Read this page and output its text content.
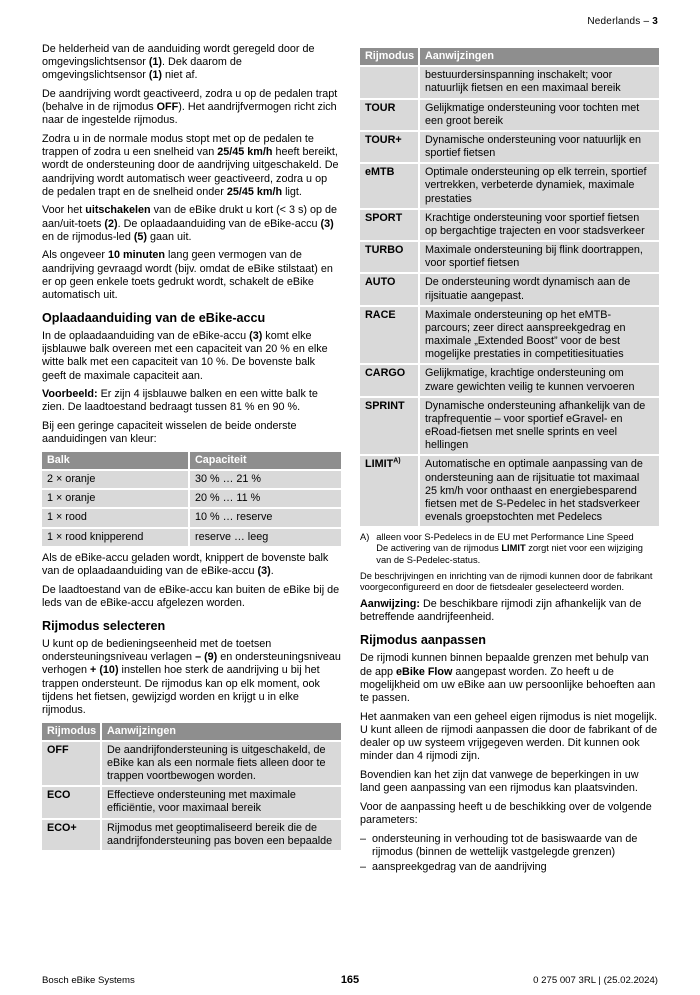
Nederlands – 3

De helderheid van de aanduiding wordt geregeld door de omgevingslichtsensor (1). Dek daarom de omgevingslichtsensor (1) niet af.

De aandrijving wordt geactiveerd, zodra u op de pedalen trapt (behalve in de rijmodus OFF). Het aandrijfvermogen richt zich naar de ingestelde rijmodus.

Zodra u in de normale modus stopt met op de pedalen te trappen of zodra u een snelheid van 25/45 km/h heeft bereikt, wordt de ondersteuning door de aandrijving uitgeschakeld. De aandrijving wordt automatisch weer geactiveerd, zodra u op de pedalen trapt en de snelheid onder 25/45 km/h ligt.

Voor het uitschakelen van de eBike drukt u kort (< 3 s) op de aan/uit-toets (2). De oplaadaanduiding van de eBike-accu (3) en de rijmodus-led (5) gaan uit.

Als ongeveer 10 minuten lang geen vermogen van de aandrijving gevraagd wordt (bijv. omdat de eBike stilstaat) en er op geen enkele toets gedrukt wordt, schakelt de eBike automatisch uit.

Oplaadaanduiding van de eBike-accu

In de oplaadaanduiding van de eBike-accu (3) komt elke ijsblauwe balk overeen met een capaciteit van 20 % en elke witte balk met een capaciteit van 10 %. De bovenste balk geeft de maximale capaciteit aan.

Voorbeeld: Er zijn 4 ijsblauwe balken en een witte balk te zien. De laadtoestand bedraagt tussen 81 % en 90 %.

Bij een geringe capaciteit wisselen de beide onderste aanduidingen van kleur:

Balk	Capaciteit
2 × oranje	30 % … 21 %
1 × oranje	20 % … 11 %
1 × rood	10 % … reserve
1 × rood knipperend	reserve … leeg

Als de eBike-accu geladen wordt, knippert de bovenste balk van de oplaadaanduiding van de eBike-accu (3).

De laadtoestand van de eBike-accu kan buiten de eBike bij de leds van de eBike-accu afgelezen worden.

Rijmodus selecteren

U kunt op de bedieningseenheid met de toetsen ondersteuningsniveau verlagen – (9) en ondersteuningsniveau verhogen + (10) instellen hoe sterk de aandrijving u bij het trappen ondersteunt. De rijmodus kan op elk moment, ook tijdens het fietsen, gewijzigd worden en krijgt u in elke rijmodus.

Rijmodus	Aanwijzingen
OFF	De aandrijfondersteuning is uitgeschakeld, de eBike kan als een normale fiets alleen door te trappen voortbewogen worden.
ECO	Effectieve ondersteuning met maximale efficiëntie, voor maximaal bereik
ECO+	Rijmodus met geoptimaliseerd bereik die de aandrijfondersteuning pas boven een bepaalde
Rijmodus	Aanwijzingen
bestuurdersinspanning inschakelt; voor natuurlijk fietsen en een maximaal bereik
TOUR	Gelijkmatige ondersteuning voor tochten met een groot bereik
TOUR+	Dynamische ondersteuning voor natuurlijk en sportief fietsen
eMTB	Optimale ondersteuning op elk terrein, sportief vertrekken, verbeterde dynamiek, maximale prestaties
SPORT	Krachtige ondersteuning voor sportief fietsen op bergachtige trajecten en voor stadsverkeer
TURBO	Maximale ondersteuning bij flink doortrappen, voor sportief fietsen
AUTO	De ondersteuning wordt dynamisch aan de rijsituatie aangepast.
RACE	Maximale ondersteuning op het eMTB-parcours; zeer direct aanspreekgedrag en maximale „Extended Boost” voor de best mogelijke prestaties in competitiesituaties
CARGO	Gelijkmatige, krachtige ondersteuning om zware gewichten veilig te kunnen vervoeren
SPRINT	Dynamische ondersteuning afhankelijk van de trapfrequentie – voor sportief eGravel- en eRoad-fietsen met snelle sprints en veel hellingen
$LIMIT^{A)}$	Automatische en optimale aanpassing van de ondersteuning aan de rijsituatie tot maximaal 25 km/h voor onthaast en energiebesparend fietsen met de S-Pedelec in het stadsverkeer evenals groepstochten met Pedelecs
A) alleen voor S-Pedelecs in de EU met Performance Line Speed
De activering van de rijmodus LIMIT zorgt niet voor een wijziging van de S-Pedelec-status.

De beschrijvingen en inrichting van de rijmodi kunnen door de fabrikant voorgeconfigureerd en door de fietsdealer geselecteerd worden.

Aanwijzing: De beschikbare rijmodi zijn afhankelijk van de betreffende aandrijfeenheid.

Rijmodus aanpassen

De rijmodi kunnen binnen bepaalde grenzen met behulp van de app eBike Flow aangepast worden. Zo heeft u de mogelijkheid om uw eBike aan uw persoonlijke behoeften aan te passen.

Het aanmaken van een geheel eigen rijmodus is niet mogelijk. U kunt alleen de rijmodi aanpassen die door de fabrikant of de dealer op uw systeem vrijgegeven werden. Dit kunnen ook minder dan 4 rijmodi zijn.

Bovendien kan het zijn dat vanwege de beperkingen in uw land geen aanpassing van een rijmodus kan plaatsvinden.

Voor de aanpassing heeft u de beschikking over de volgende parameters:

– ondersteuning in verhouding tot de basiswaarde van de rijmodus (binnen de wettelijk vastgelegde grenzen)
– aanspreekgedrag van de aandrijving
Bosch eBike Systems	165	0 275 007 3RL | (25.02.2024)
